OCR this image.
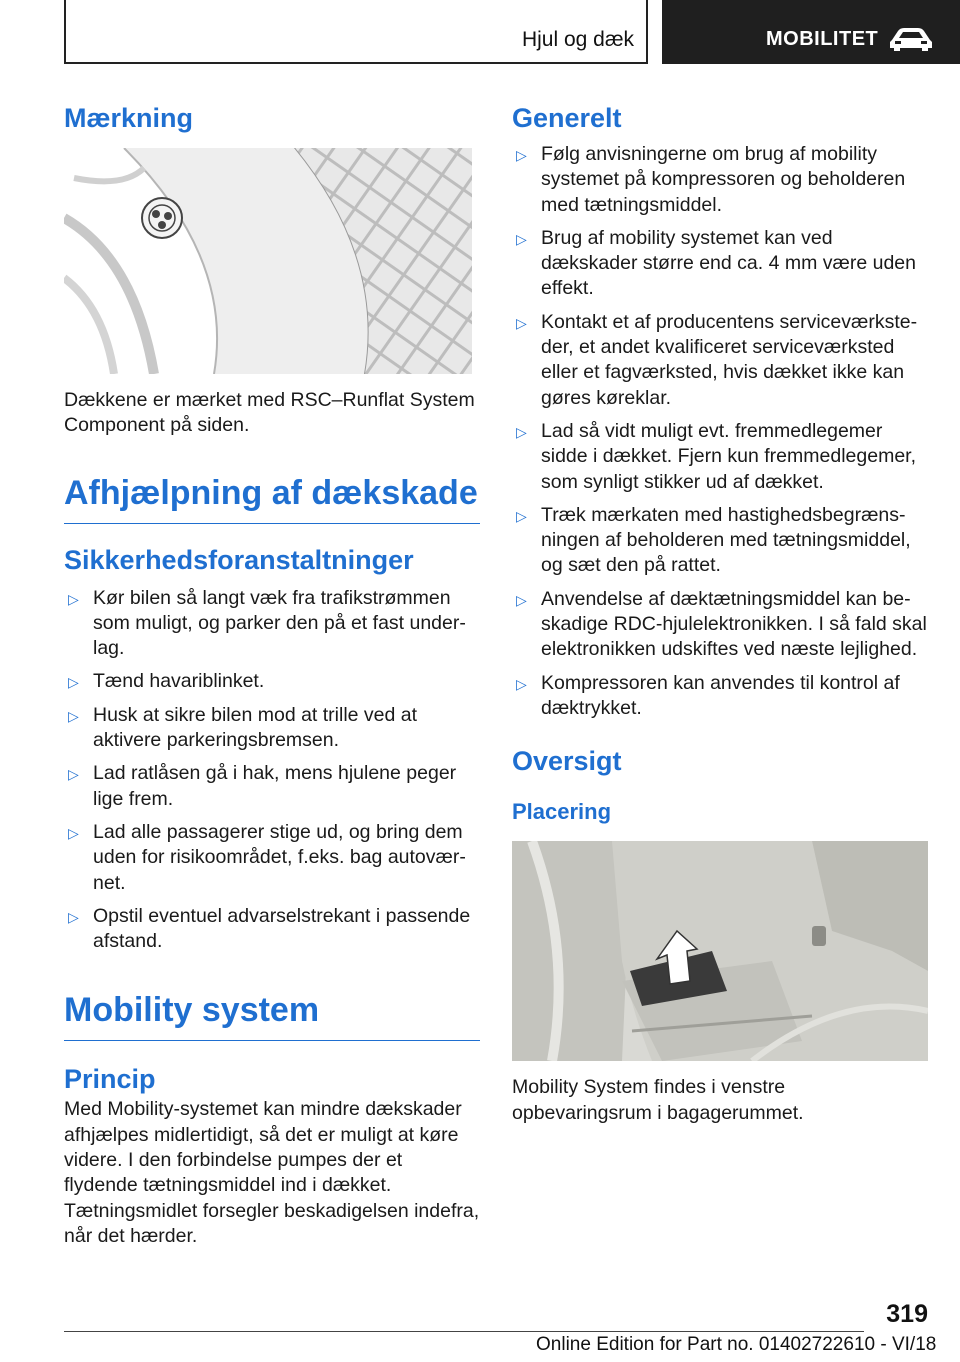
Hjul og dæk	MOBILITET
Mærkning

Dækkene er mærket med RSC–Runflat System Component på siden.

Afhjælpning af dækskade
Sikkerhedsforanstaltninger
▷ Kør bilen så langt væk fra trafikstrømmen som muligt, og parker den på et fast underlag.
▷ Tænd havariblinket.
▷ Husk at sikre bilen mod at trille ved at aktivere parkeringsbremsen.
▷ Lad ratlåsen gå i hak, mens hjulene peger lige frem.
▷ Lad alle passagerer stige ud, og bring dem uden for risikoområdet, f.eks. bag autoværnet.
▷ Opstil eventuel advarselstrekant i passende afstand.
Mobility system
Princip

Med Mobility-systemet kan mindre dækskader afhjælpes midlertidigt, så det er muligt at køre videre. I den forbindelse pumpes der et flydende tætningsmiddel ind i dækket. Tætningsmidlet forsegler beskadigelsen indefra, når det hærder.

Generelt
▷ Følg anvisningerne om brug af mobility systemet på kompressoren og beholderen med tætningsmiddel.
▷ Brug af mobility systemet kan ved dækskader større end ca. 4 mm være uden effekt.
▷ Kontakt et af producentens serviceværksteder, et andet kvalificeret serviceværksted eller et fagværksted, hvis dækket ikke kan gøres køreklar.
▷ Lad så vidt muligt evt. fremmedlegemer sidde i dækket. Fjern kun fremmedlegemer, som synligt stikker ud af dækket.
▷ Træk mærkaten med hastighedsbegrænsningen af beholderen med tætningsmiddel, og sæt den på rattet.
▷ Anvendelse af dæktætningsmiddel kan beskadige RDC-hjulelektronikken. I så fald skal elektronikken udskiftes ved næste lejlighed.
▷ Kompressoren kan anvendes til kontrol af dæktrykket.
Oversigt
Placering

Mobility System findes i venstre opbevaringsrum i bagagerummet.

319
Online Edition for Part no. 01402722610 - VI/18
